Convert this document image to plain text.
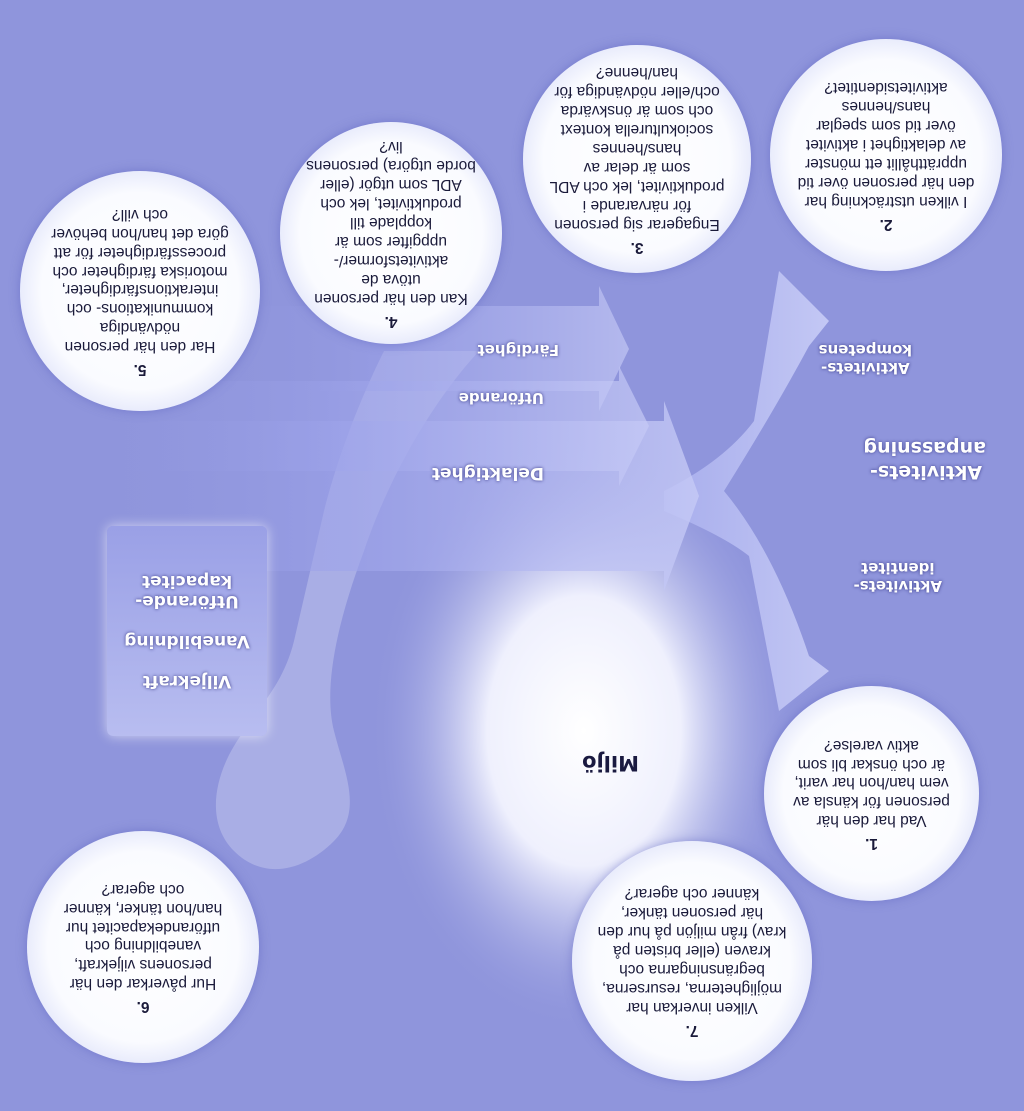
Miljö
Aktivitets-
anpassning
Aktivitets-
identitet
Aktivitets-
kompetens
Delaktighet
Utförande
Färdighet
Viljekraft
Vanebildning
Utförande-
kapacitet
1.
Vad har den här personen för känsla av vem han/hon har varit, är och önskar bli som aktiv varelse?
2.
I vilken utsträckning har den här personen över tid upprätthållit ett mönster av delaktighet i aktivitet över tid som speglar hans/hennes aktivitetsidentitet?
3.
Engagerar sig personen för närvarande i produktivitet, lek och ADL som är delar av hans/hennes sociokulturella kontext och som är önskvärda och/eller nödvändiga för han/henne?
4.
Kan den här personen utöva de aktivitetsformer/-uppgifter som är kopplade till produktivitet, lek och ADL som utgör (eller borde utgöra) personens liv?
5.
Har den här personen nödvändiga kommunikations- och interaktionsfärdigheter, motoriska färdigheter och processfärdigheter för att göra det han/hon behöver och vill?
6.
Hur påverkar den här personens viljekraft, vanebildning och utförandekapacitet hur han/hon tänker, känner och agerar?
7.
Vilken inverkan har möjligheterna, resurserna, begränsningarna och kraven (eller bristen på krav) från miljön på hur den här personen tänker, känner och agerar?
